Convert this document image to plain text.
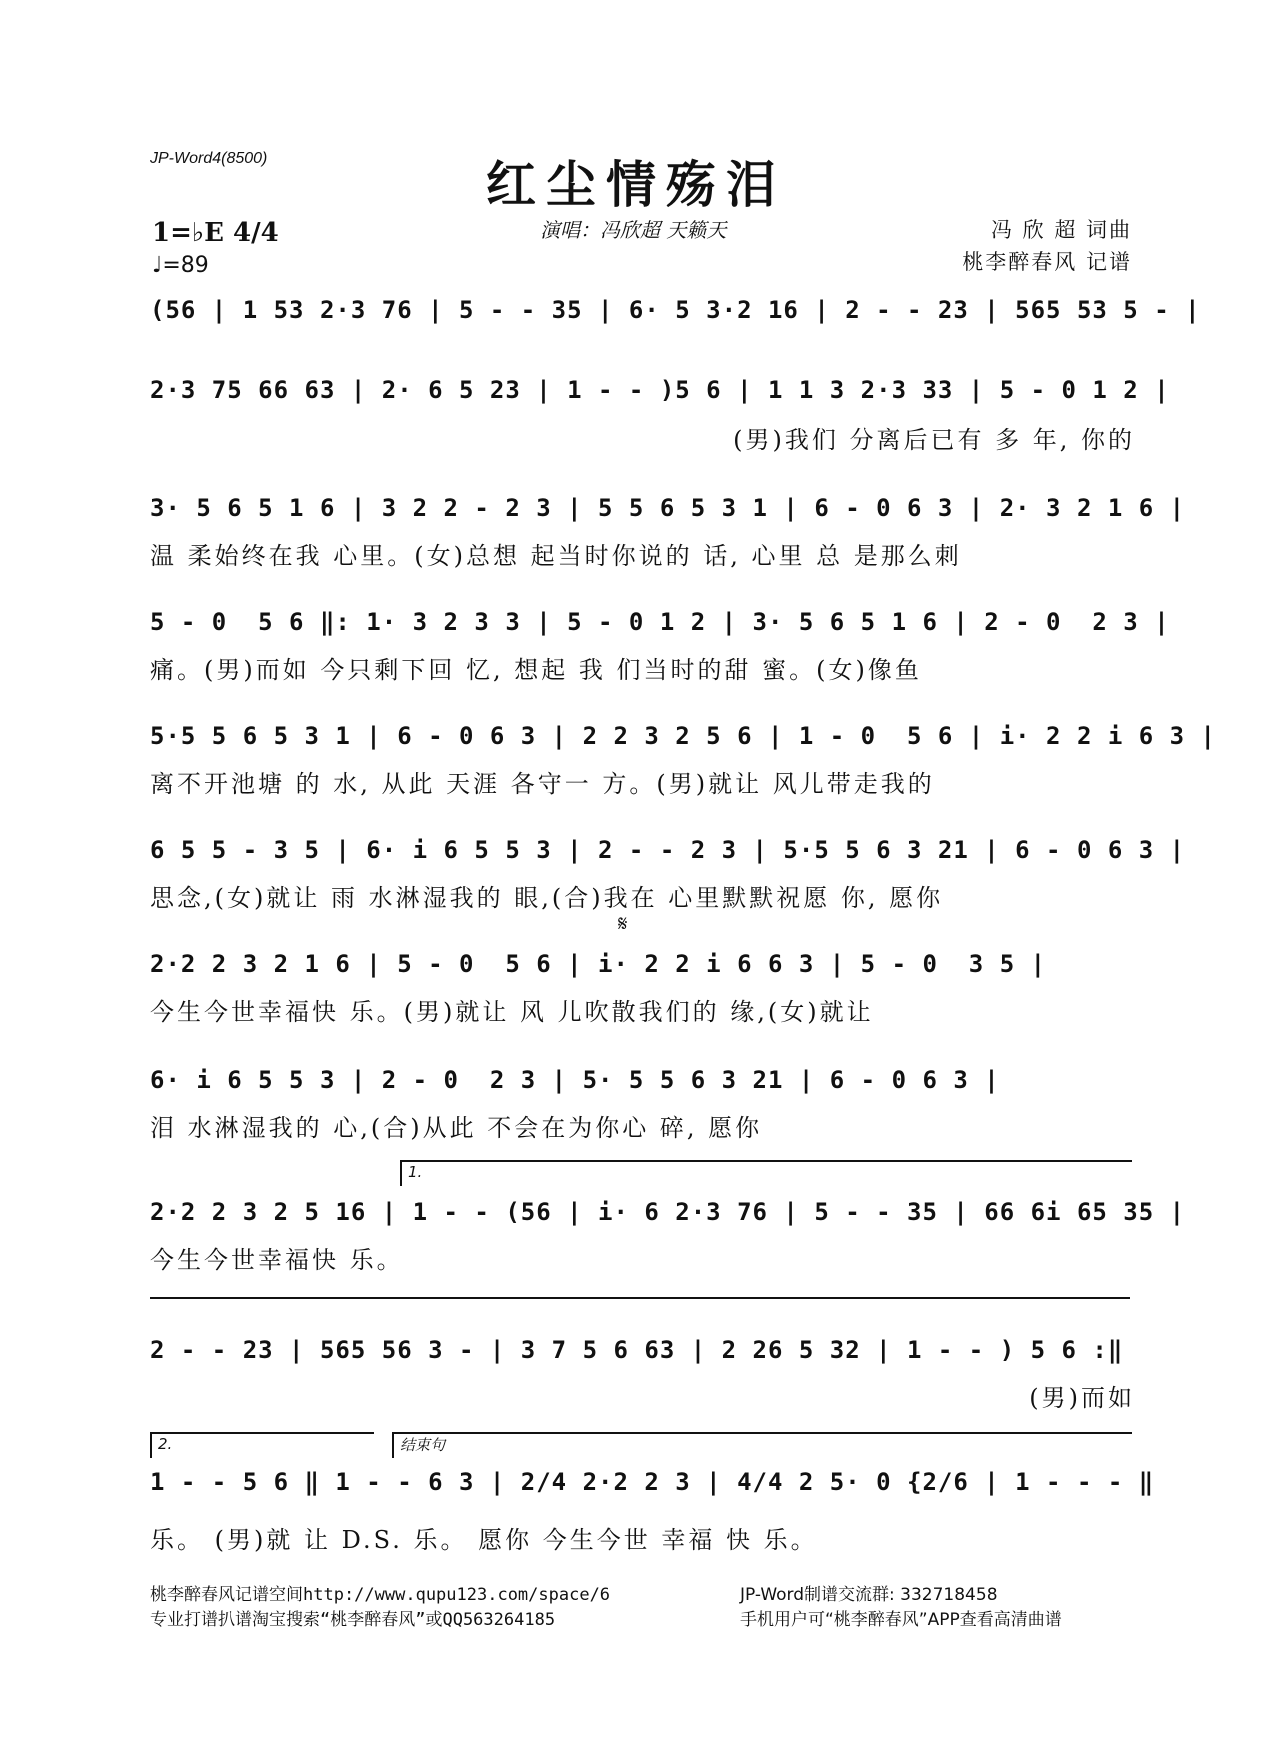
JP-Word4(8500)	红尘情殇泪
1=♭E 4/4
♩=89
演唱：冯欣超 天籁天	冯 欣 超 词曲
桃李醉春风 记谱
(56 | 1 53 2·3 76 | 5 - - 35 | 6· 5 3·2 16 | 2 - - 23 | 565 53 5 - |
2·3 75 66 63 | 2· 6 5 23 | 1 - - )5 6 | 1 1 3 2·3 33 | 5 - 0 1 2 |
(男)我们 分离后已有 多 年, 你的
3· 5 6 5 1 6 | 3 2 2 - 2 3 | 5 5 6 5 3 1 | 6 - 0 6 3 | 2· 3 2 1 6 |
温 柔始终在我 心里。(女)总想 起当时你说的 话, 心里 总 是那么刺
5 - 0  5 6 ‖: 1· 3 2 3 3 | 5 - 0 1 2 | 3· 5 6 5 1 6 | 2 - 0  2 3 |
痛。(男)而如 今只剩下回 忆, 想起 我 们当时的甜 蜜。(女)像鱼
5·5 5 6 5 3 1 | 6 - 0 6 3 | 2 2 3 2 5 6 | 1 - 0  5 6 | i· 2 2 i 6 3 |
离不开池塘 的 水, 从此 天涯 各守一 方。(男)就让 风儿带走我的
6 5 5 - 3 5 | 6· i 6 5 5 3 | 2 - - 2 3 | 5·5 5 6 3 21 | 6 - 0 6 3 |
思念,(女)就让 雨 水淋湿我的 眼,(合)我在 心里默默祝愿 你, 愿你
𝄋
2·2 2 3 2 1 6 | 5 - 0  5 6 | i· 2 2 i 6 6 3 | 5 - 0  3 5 |
今生今世幸福快 乐。(男)就让 风 儿吹散我们的 缘,(女)就让
6· i 6 5 5 3 | 2 - 0  2 3 | 5· 5 5 6 3 21 | 6 - 0 6 3 |
泪 水淋湿我的 心,(合)从此 不会在为你心 碎, 愿你
1.
2·2 2 3 2 5 16 | 1 - - (56 | i· 6 2·3 76 | 5 - - 35 | 66 6i 65 35 |
今生今世幸福快 乐。
2 - - 23 | 565 56 3 - | 3 7 5 6 63 | 2 26 5 32 | 1 - - ) 5 6 :‖
(男)而如
2.	结束句
1 - - 5 6 ‖ 1 - - 6 3 | 2/4 2·2 2 3 | 4/4 2 5· 0 {2/6 | 1 - - - ‖
乐。 (男)就 让 D.S. 乐。 愿你 今生今世 幸福 快 乐。
桃李醉春风记谱空间http://www.qupu123.com/space/6
专业打谱扒谱淘宝搜索“桃李醉春风”或QQ563264185
JP-Word制谱交流群: 332718458
手机用户可“桃李醉春风”APP查看高清曲谱
